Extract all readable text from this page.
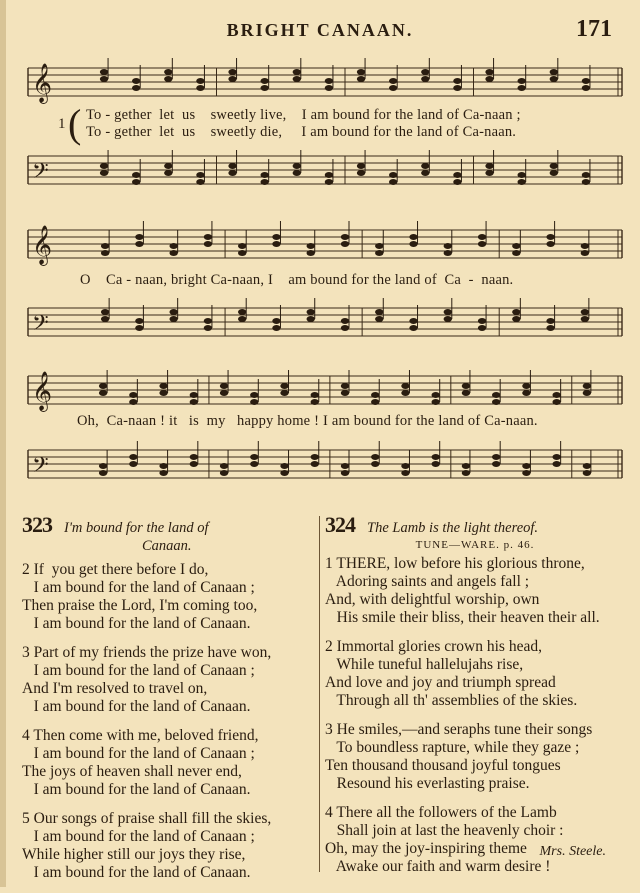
BRIGHT CANAAN.	171
𝄞
1 ( To - gether  let  us    sweetly live,    I am bound for the land of Ca-naan ;
To - gether  let  us    sweetly die,     I am bound for the land of Ca-naan.
𝄢
𝄞
O    Ca - naan, bright Ca-naan, I    am bound for the land of  Ca  -  naan.
𝄢
𝄞
Oh,  Ca-naan ! it   is  my   happy home ! I am bound for the land of Ca-naan.
𝄢
323 I'm bound for the land of
Canaan.
2 If  you get there before I do,
I am bound for the land of Canaan ;
Then praise the Lord, I'm coming too,
I am bound for the land of Canaan.
3 Part of my friends the prize have won,
I am bound for the land of Canaan ;
And I'm resolved to travel on,
I am bound for the land of Canaan.
4 Then come with me, beloved friend,
I am bound for the land of Canaan ;
The joys of heaven shall never end,
I am bound for the land of Canaan.
5 Our songs of praise shall fill the skies,
I am bound for the land of Canaan ;
While higher still our joys they rise,
I am bound for the land of Canaan.
324 The Lamb is the light thereof.
TUNE—WARE. p. 46.
1 THERE, low before his glorious throne,
Adoring saints and angels fall ;
And, with delightful worship, own
His smile their bliss, their heaven their all.
2 Immortal glories crown his head,
While tuneful hallelujahs rise,
And love and joy and triumph spread
Through all th' assemblies of the skies.
3 He smiles,—and seraphs tune their songs
To boundless rapture, while they gaze ;
Ten thousand thousand joyful tongues
Resound his everlasting praise.
4 There all the followers of the Lamb
Shall join at last the heavenly choir :
Oh, may the joy-inspiring theme
Awake our faith and warm desire !
Mrs. Steele.
